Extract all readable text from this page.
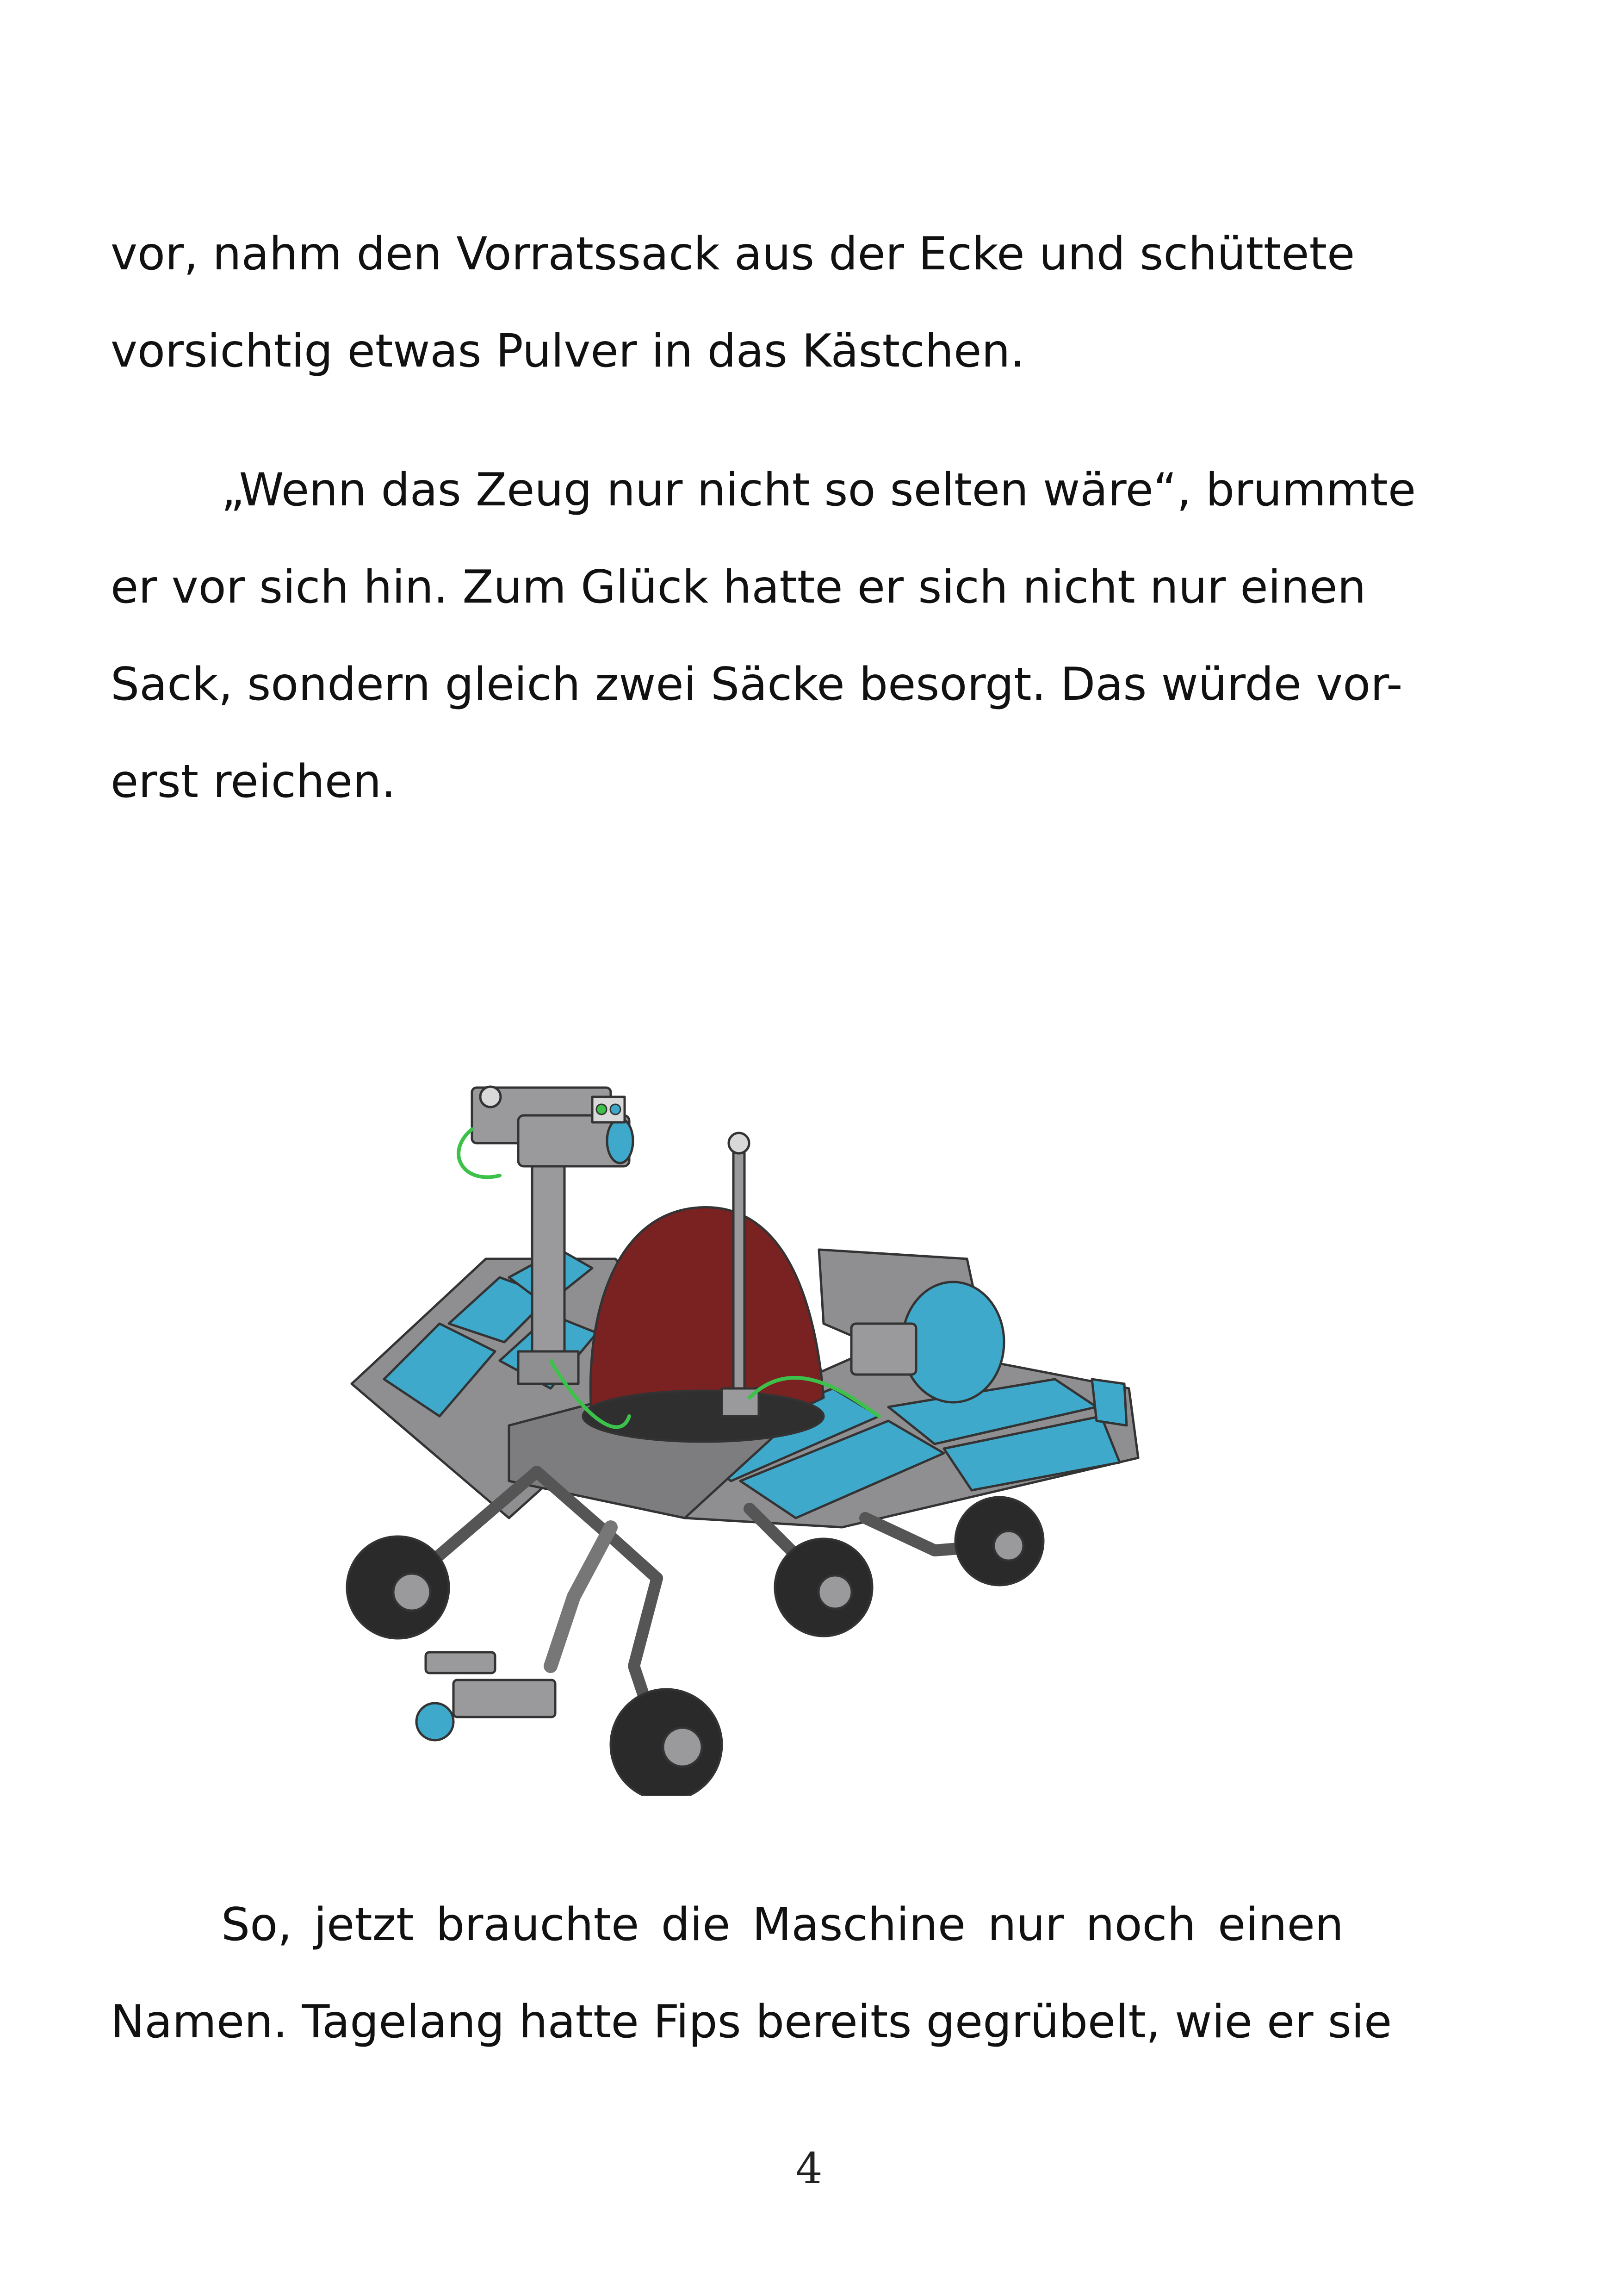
vor, nahm den Vorratssack aus der Ecke und schüttete
vorsichtig etwas Pulver in das Kästchen.
„Wenn das Zeug nur nicht so selten wäre“, brummte
er vor sich hin. Zum Glück hatte er sich nicht nur einen
Sack, sondern gleich zwei Säcke besorgt. Das würde vor-
erst reichen.
So, jetzt brauchte die Maschine nur noch einen
Namen. Tagelang hatte Fips bereits gegrübelt, wie er sie
4
